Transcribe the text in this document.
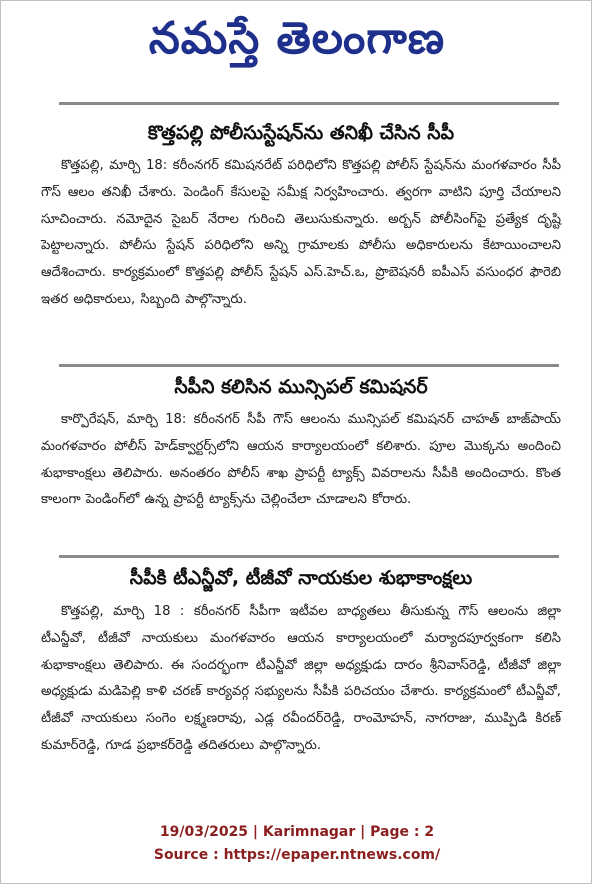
నమస్తే తెలంగాణ
కొత్తపల్లి పోలీసుస్టేషన్‌ను తనిఖీ చేసిన సీపీ

కొత్తపల్లి, మార్చి 18: కరీంనగర్ కమిషనరేట్ పరిధిలోని కొత్తపల్లి పోలీస్ స్టేషన్‌ను మంగళవారం సీపీ గౌస్ ఆలం తనిఖీ చేశారు. పెండింగ్ కేసులపై సమీక్ష నిర్వహించారు. త్వరగా వాటిని పూర్తి చేయాలని సూచించారు. నమోదైన సైబర్ నేరాల గురించి తెలుసుకున్నారు. అర్బన్ పోలీసింగ్‌పై ప్రత్యేక దృష్టి పెట్టాలన్నారు. పోలీసు స్టేషన్ పరిధిలోని అన్ని గ్రామాలకు పోలీసు అధికారులను కేటాయించాలని ఆదేశించారు. కార్యక్రమంలో కొత్తపల్లి పోలీస్ స్టేషన్ ఎస్.హెచ్.ఒ, ప్రొబెషనరీ ఐపీఎస్ వసుంధర ఫౌరెబి ఇతర అధికారులు, సిబ్బంది పాల్గొన్నారు.

సీపీని కలిసిన మున్సిపల్ కమిషనర్

కార్పొరేషన్, మార్చి 18: కరీంనగర్ సీపీ గౌస్ ఆలంను మున్సిపల్ కమిషనర్ చాహత్ బాజ్‌పాయ్ మంగళవారం పోలీస్ హెడ్‌క్వార్టర్స్‌లోని ఆయన కార్యాలయంలో కలిశారు. పూల మొక్కను అందించి శుభాకాంక్షలు తెలిపారు. అనంతరం పోలీస్ శాఖ ప్రాపర్టీ ట్యాక్స్ వివరాలను సీపీకి అందించారు. కొంత కాలంగా పెండింగ్‌లో ఉన్న ప్రాపర్టీ ట్యాక్స్‌ను చెల్లించేలా చూడాలని కోరారు.

సీపీకి టీఎన్జీవో, టీజీవో నాయకుల శుభాకాంక్షలు

కొత్తపల్లి, మార్చి 18 : కరీంనగర్ సీపీగా ఇటీవల బాధ్యతలు తీసుకున్న గౌస్ ఆలంను జిల్లా టీఎన్జీవో, టీజీవో నాయకులు మంగళవారం ఆయన కార్యాలయంలో మర్యాదపూర్వకంగా కలిసి శుభాకాంక్షలు తెలిపారు. ఈ సందర్భంగా టీఎన్జీవో జిల్లా అధ్యక్షుడు దారం శ్రీనివాస్‌రెడ్డి, టీజీవో జిల్లా అధ్యక్షుడు మడిపెల్లి కాళి చరణ్ కార్యవర్గ సభ్యులను సీపీకి పరిచయం చేశారు. కార్యక్రమంలో టీఎన్జీవో, టీజీవో నాయకులు సంగెం లక్ష్మణరావు, ఎడ్ల రవీందర్‌రెడ్డి, రాంమోహన్, నాగరాజు, ముప్పిడి కిరణ్ కుమార్‌రెడ్డి, గూడ ప్రభాకర్‌రెడ్డి తదితరులు పాల్గొన్నారు.

19/03/2025 | Karimnagar | Page : 2
Source : https://epaper.ntnews.com/
